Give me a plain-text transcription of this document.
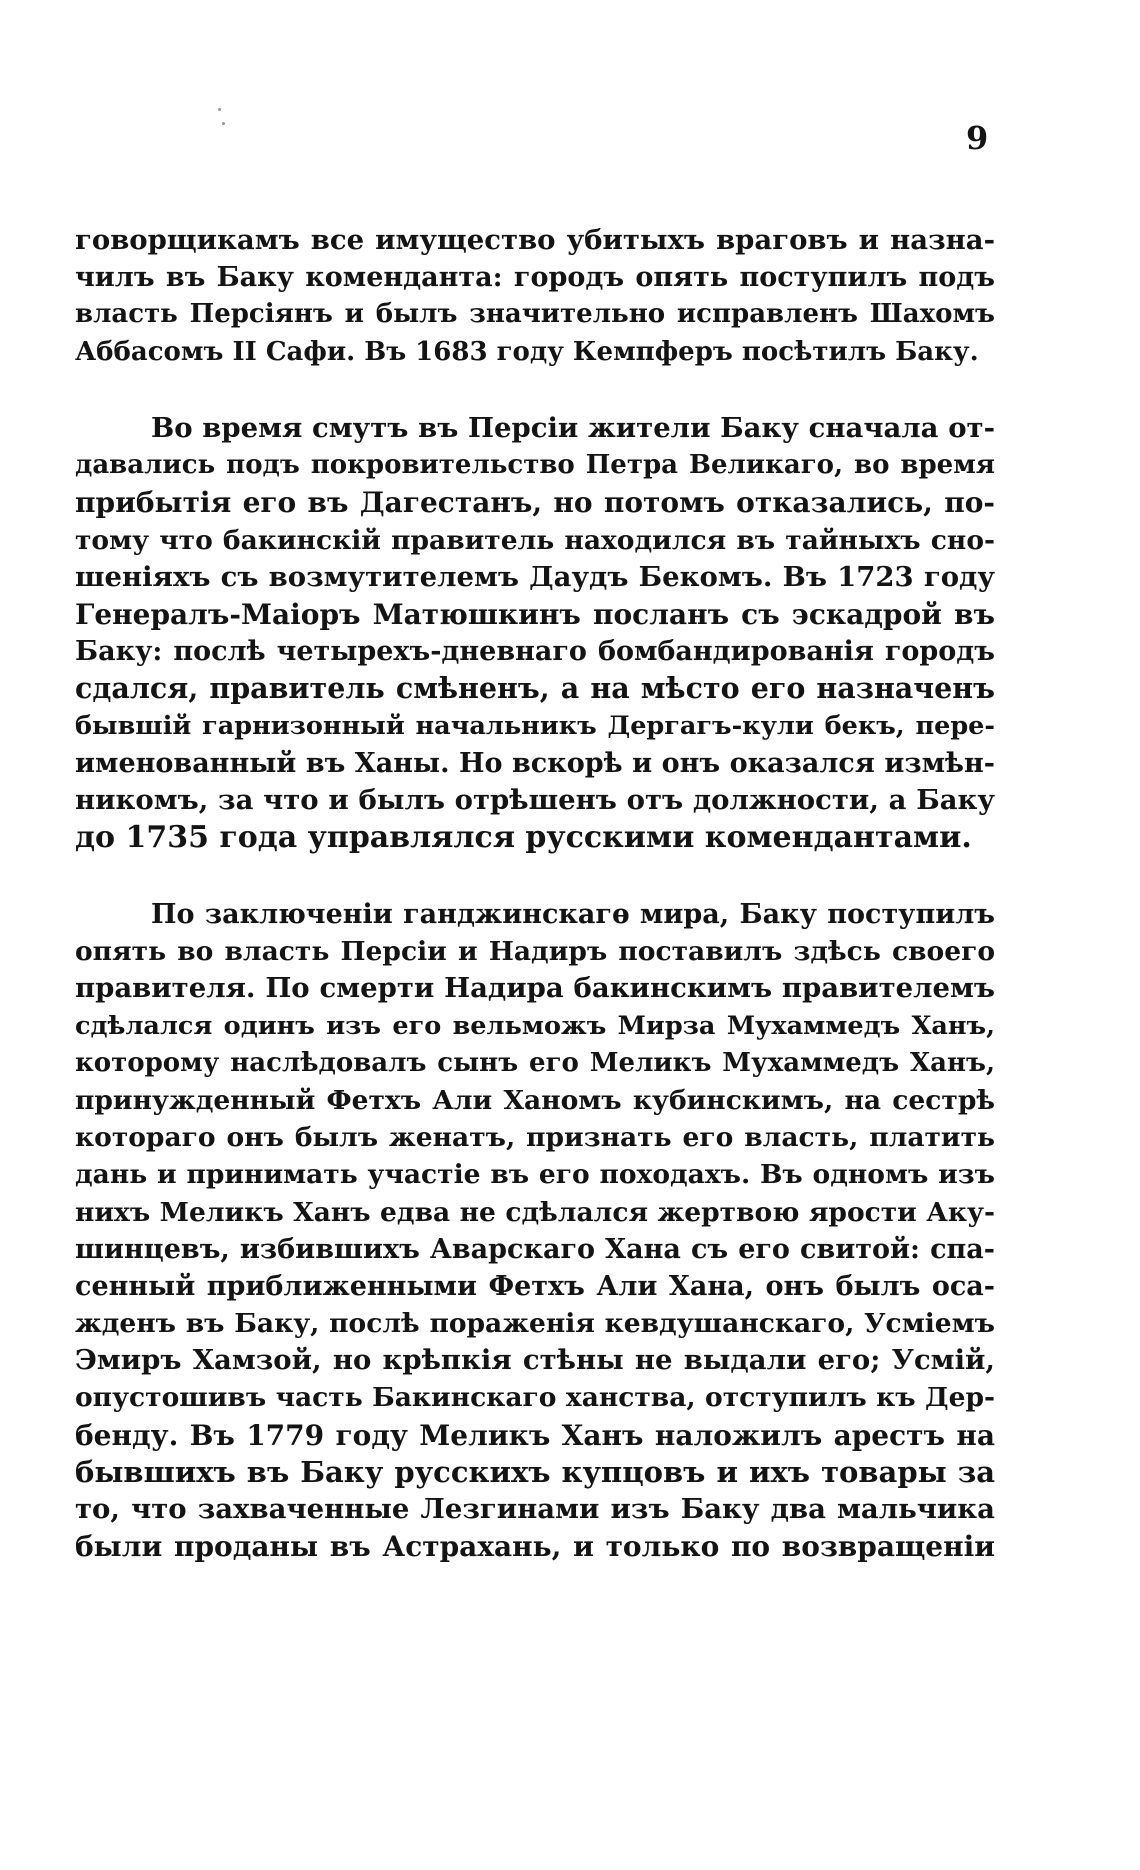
9
говорщикамъ все имущество убитыхъ враговъ и назна-
чилъ въ Баку коменданта: городъ опять поступилъ подъ
власть Персіянъ и былъ значительно исправленъ Шахомъ
Аббасомъ II Сафи. Въ 1683 году Кемпферъ посѣтилъ Баку.
Во время смутъ въ Персіи жители Баку сначала от-
давались подъ покровительство Петра Великаго, во время
прибытія его въ Дагестанъ, но потомъ отказались, по-
тому что бакинскій правитель находился въ тайныхъ сно-
шеніяхъ съ возмутителемъ Даудъ Бекомъ. Въ 1723 году
Генералъ-Маіоръ Матюшкинъ посланъ съ эскадрой въ
Баку: послѣ четырехъ-дневнаго бомбандированія городъ
сдался, правитель смѣненъ, а на мѣсто его назначенъ
бывшій гарнизонный начальникъ Дергагъ-кули бекъ, пере-
именованный въ Ханы. Но вскорѣ и онъ оказался измѣн-
никомъ, за что и былъ отрѣшенъ отъ должности, а Баку
до 1735 года управлялся русскими комендантами.
По заключеніи ганджинскагѳ мира, Баку поступилъ
опять во власть Персіи и Надиръ поставилъ здѣсь своего
правителя. По смерти Надира бакинскимъ правителемъ
сдѣлался одинъ изъ его вельможъ Мирза Мухаммедъ Ханъ,
которому наслѣдовалъ сынъ его Меликъ Мухаммедъ Ханъ,
принужденный Фетхъ Али Ханомъ кубинскимъ, на сестрѣ
котораго онъ былъ женатъ, признать его власть, платить
дань и принимать участіе въ его походахъ. Въ одномъ изъ
нихъ Меликъ Ханъ едва не сдѣлался жертвою ярости Аку-
шинцевъ, избившихъ Аварскаго Хана съ его свитой: спа-
сенный приближенными Фетхъ Али Хана, онъ былъ оса-
жденъ въ Баку, послѣ пораженія кевдушанскаго, Усміемъ
Эмиръ Хамзой, но крѣпкія стѣны не выдали его; Усмій,
опустошивъ часть Бакинскаго ханства, отступилъ къ Дер-
бенду. Въ 1779 году Меликъ Ханъ наложилъ арестъ на
бывшихъ въ Баку русскихъ купцовъ и ихъ товары за
то, что захваченные Лезгинами изъ Баку два мальчика
были проданы въ Астрахань, и только по возвращеніи
